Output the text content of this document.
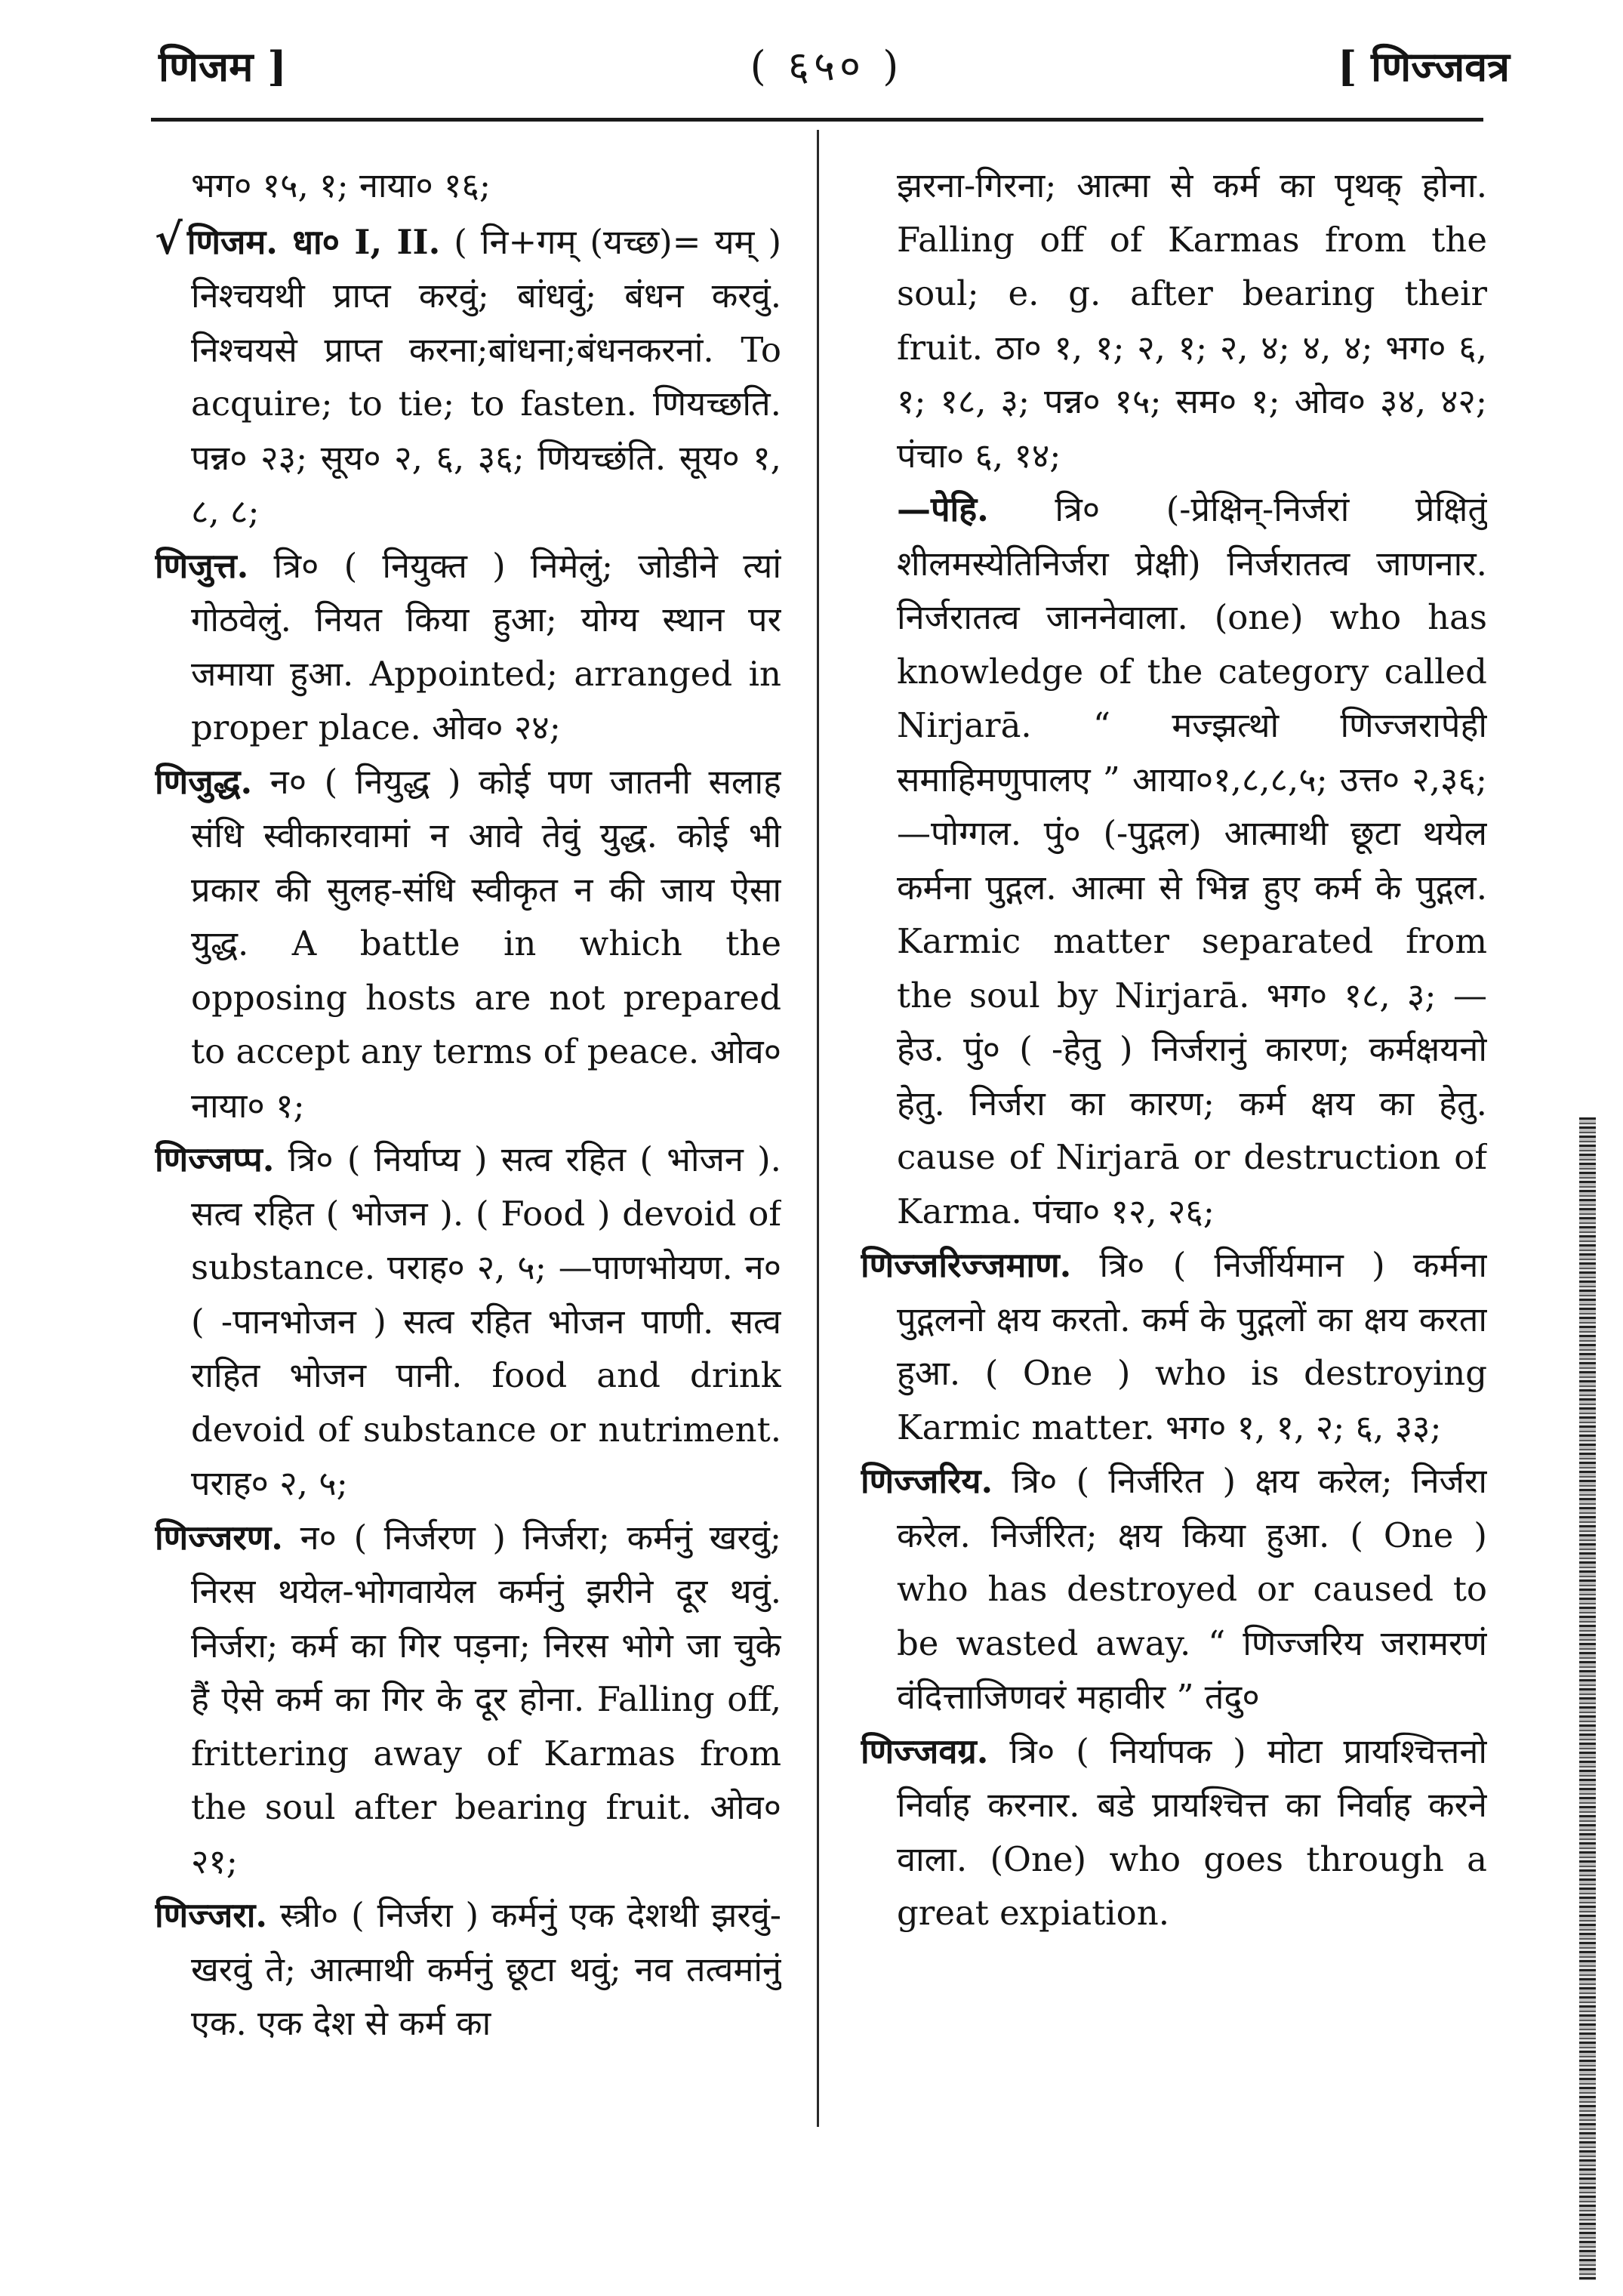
णिजम ]	( ६५० )	[ णिज्जवत्र

भग० १५, १; नाया० १६;

√ णिजम. धा० I, II. ( नि+गम् (यच्छ)= यम् ) निश्चयथी प्राप्त करवुं; बांधवुं; बंधन करवुं. निश्चयसे प्राप्त करना;बांधना;बंधनकरनां. To acquire; to tie; to fasten. णियच्छति. पन्न० २३; सूय० २, ६, ३६; णियच्छंति. सूय० १, ८, ८;

णिजुत्त. त्रि० ( नियुक्त ) निमेलुं; जोडीने त्यां गोठवेलुं. नियत किया हुआ; योग्य स्थान पर जमाया हुआ. Appointed; arranged in proper place. ओव० २४;

णिजुद्ध. न० ( नियुद्ध ) कोई पण जातनी सलाह संधि स्वीकारवामां न आवे तेवुं युद्ध. कोई भी प्रकार की सुलह-संधि स्वीकृत न की जाय ऐसा युद्ध. A battle in which the opposing hosts are not prepared to accept any terms of peace. ओव० नाया० १;

णिज्जप्प. त्रि० ( निर्याप्य ) सत्व रहित ( भोजन ). सत्व रहित ( भोजन ). ( Food ) devoid of substance. पराह० २, ५; —पाणभोयण. न० ( -पानभोजन ) सत्व रहित भोजन पाणी. सत्व राहित भोजन पानी. food and drink devoid of substance or nutriment. पराह० २, ५;

णिज्जरण. न० ( निर्जरण ) निर्जरा; कर्मनुं खरवुं; निरस थयेल-भोगवायेल कर्मनुं झरीने दूर थवुं. निर्जरा; कर्म का गिर पड़ना; निरस भोगे जा चुके हैं ऐसे कर्म का गिर के दूर होना. Falling off, frittering away of Karmas from the soul after bearing fruit. ओव० २१;

णिज्जरा. स्त्री० ( निर्जरा ) कर्मनुं एक देशथी झरवुं-खरवुं ते; आत्माथी कर्मनुं छूटा थवुं; नव तत्वमांनुं एक. एक देश से कर्म का

झरना-गिरना; आत्मा से कर्म का पृथक् होना. Falling off of Karmas from the soul; e. g. after bearing their fruit. ठा० १, १; २, १; २, ४; ४, ४; भग० ६, १; १८, ३; पन्न० १५; सम० १; ओव० ३४, ४२; पंचा० ६, १४;

—पेहि. त्रि० (-प्रेक्षिन्-निर्जरां प्रेक्षितुं शीलमस्येतिनिर्जरा प्रेक्षी) निर्जरातत्व जाणनार. निर्जरातत्व जाननेवाला. (one) who has knowledge of the category called Nirjarā. “ मज्झत्थो णिज्जरापेही समाहिमणुपालए ” आया०१,८,८,५; उत्त० २,३६; —पोग्गल. पुं० (-पुद्गल) आत्माथी छूटा थयेल कर्मना पुद्गल. आत्मा से भिन्न हुए कर्म के पुद्गल. Karmic matter separated from the soul by Nirjarā. भग० १८, ३; —हेउ. पुं० ( -हेतु ) निर्जरानुं कारण; कर्मक्षयनो हेतु. निर्जरा का कारण; कर्म क्षय का हेतु. cause of Nirjarā or destruction of Karma. पंचा० १२, २६;

णिज्जरिज्जमाण. त्रि० ( निर्जीर्यमान ) कर्मना पुद्गलनो क्षय करतो. कर्म के पुद्गलों का क्षय करता हुआ. ( One ) who is destroying Karmic matter. भग० १, १, २; ६, ३३;

णिज्जरिय. त्रि० ( निर्जरित ) क्षय करेल; निर्जरा करेल. निर्जरित; क्षय किया हुआ. ( One ) who has destroyed or caused to be wasted away. “ णिज्जरिय जरामरणं वंदित्ताजिणवरं महावीर ” तंदु०

णिज्जवग्र. त्रि० ( निर्यापक ) मोटा प्रायश्चित्तनो निर्वाह करनार. बडे प्रायश्चित्त का निर्वाह करने वाला. (One) who goes through a great expiation.
